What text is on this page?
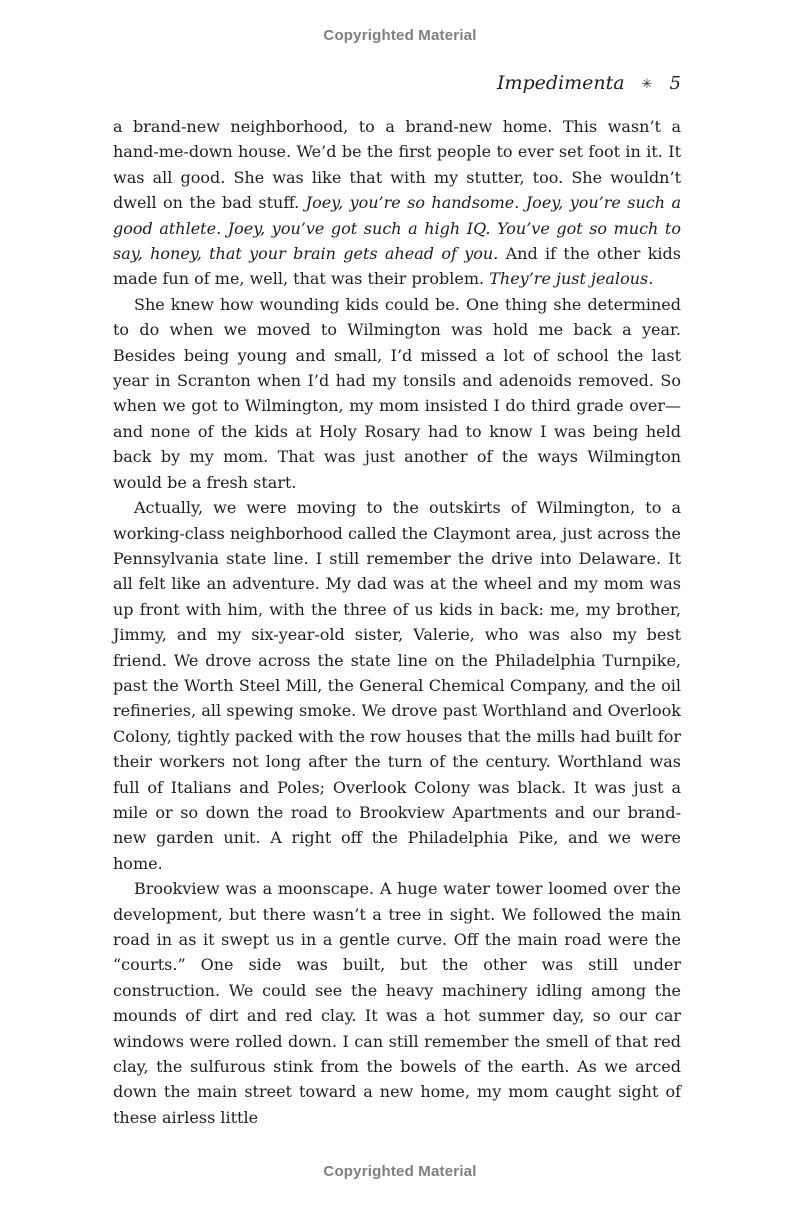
Copyrighted Material
Impedimenta ✳ 5

a brand-new neighborhood, to a brand-new home. This wasn’t a hand-me-down house. We’d be the first people to ever set foot in it. It was all good. She was like that with my stutter, too. She wouldn’t dwell on the bad stuff. Joey, you’re so handsome. Joey, you’re such a good athlete. Joey, you’ve got such a high IQ. You’ve got so much to say, honey, that your brain gets ahead of you. And if the other kids made fun of me, well, that was their problem. They’re just jealous.

She knew how wounding kids could be. One thing she determined to do when we moved to Wilmington was hold me back a year. Besides being young and small, I’d missed a lot of school the last year in Scranton when I’d had my tonsils and adenoids removed. So when we got to Wilmington, my mom insisted I do third grade over—and none of the kids at Holy Rosary had to know I was being held back by my mom. That was just another of the ways Wilmington would be a fresh start.

Actually, we were moving to the outskirts of Wilmington, to a working-class neighborhood called the Claymont area, just across the Pennsylvania state line. I still remember the drive into Delaware. It all felt like an adventure. My dad was at the wheel and my mom was up front with him, with the three of us kids in back: me, my brother, Jimmy, and my six-year-old sister, Valerie, who was also my best friend. We drove across the state line on the Philadelphia Turnpike, past the Worth Steel Mill, the General Chemical Company, and the oil refineries, all spewing smoke. We drove past Worthland and Overlook Colony, tightly packed with the row houses that the mills had built for their workers not long after the turn of the century. Worthland was full of Italians and Poles; Overlook Colony was black. It was just a mile or so down the road to Brookview Apartments and our brand-new garden unit. A right off the Philadelphia Pike, and we were home.

Brookview was a moonscape. A huge water tower loomed over the development, but there wasn’t a tree in sight. We followed the main road in as it swept us in a gentle curve. Off the main road were the “courts.” One side was built, but the other was still under construction. We could see the heavy machinery idling among the mounds of dirt and red clay. It was a hot summer day, so our car windows were rolled down. I can still remember the smell of that red clay, the sulfurous stink from the bowels of the earth. As we arced down the main street toward a new home, my mom caught sight of these airless little

Copyrighted Material
